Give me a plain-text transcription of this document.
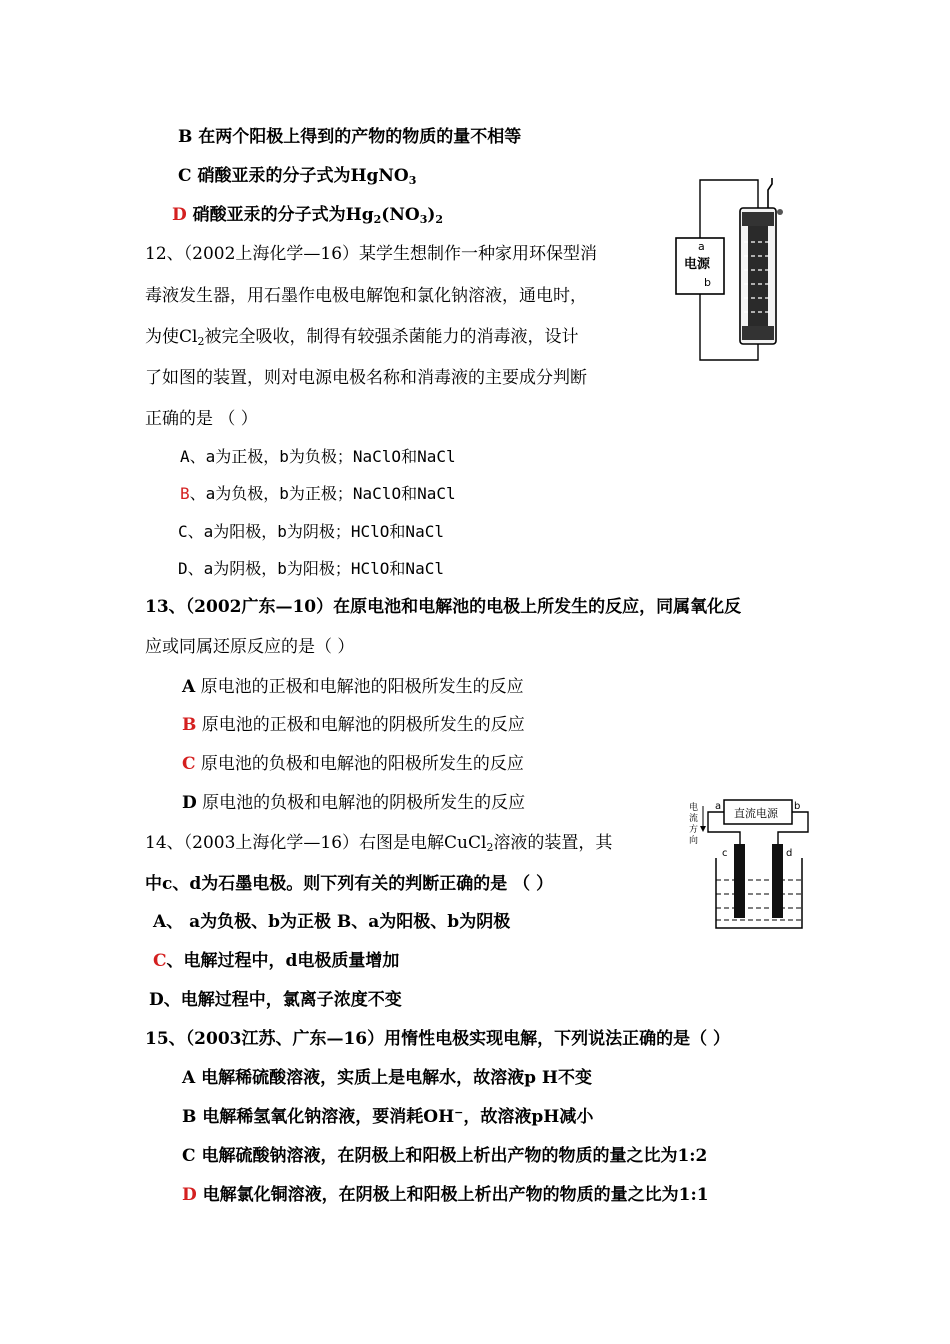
B 在两个阳极上得到的产物的物质的量不相等
C 硝酸亚汞的分子式为HgNO$_3$
D 硝酸亚汞的分子式为$Hg_2(NO_3)_2$
12、（2002上海化学—16）某学生想制作一种家用环保型消
毒液发生器，用石墨作电极电解饱和氯化钠溶液，通电时，
为使$Cl_2$被完全吸收，制得有较强杀菌能力的消毒液，设计
了如图的装置，则对电源电极名称和消毒液的主要成分判断
正确的是 （ ）
A、a为正极，b为负极；NaClO和NaCl
B、a为负极，b为正极；NaClO和NaCl
C、a为阳极，b为阴极；HClO和NaCl
D、a为阴极，b为阳极；HClO和NaCl
电源
a
b
13、（2002广东—10）在原电池和电解池的电极上所发生的反应，同属氧化反
应或同属还原反应的是（ ）
A 原电池的正极和电解池的阳极所发生的反应
B 原电池的正极和电解池的阴极所发生的反应
C 原电池的负极和电解池的阳极所发生的反应
D 原电池的负极和电解池的阴极所发生的反应
14、（2003上海化学—16）右图是电解CuCl$_2$溶液的装置，其
中c、d为石墨电极。则下列有关的判断正确的是 （ ）
A、 a为负极、b为正极 B、a为阳极、b为阴极
C、电解过程中，d电极质量增加
D、电解过程中，氯离子浓度不变
直流电源
a	b
电
流
方
向
c	d
15、（2003江苏、广东—16）用惰性电极实现电解，下列说法正确的是（ ）
A 电解稀硫酸溶液，实质上是电解水，故溶液p H不变
B 电解稀氢氧化钠溶液，要消耗OH−，故溶液pH减小
C 电解硫酸钠溶液，在阴极上和阳极上析出产物的物质的量之比为1:2
D 电解氯化铜溶液，在阴极上和阳极上析出产物的物质的量之比为1:1
